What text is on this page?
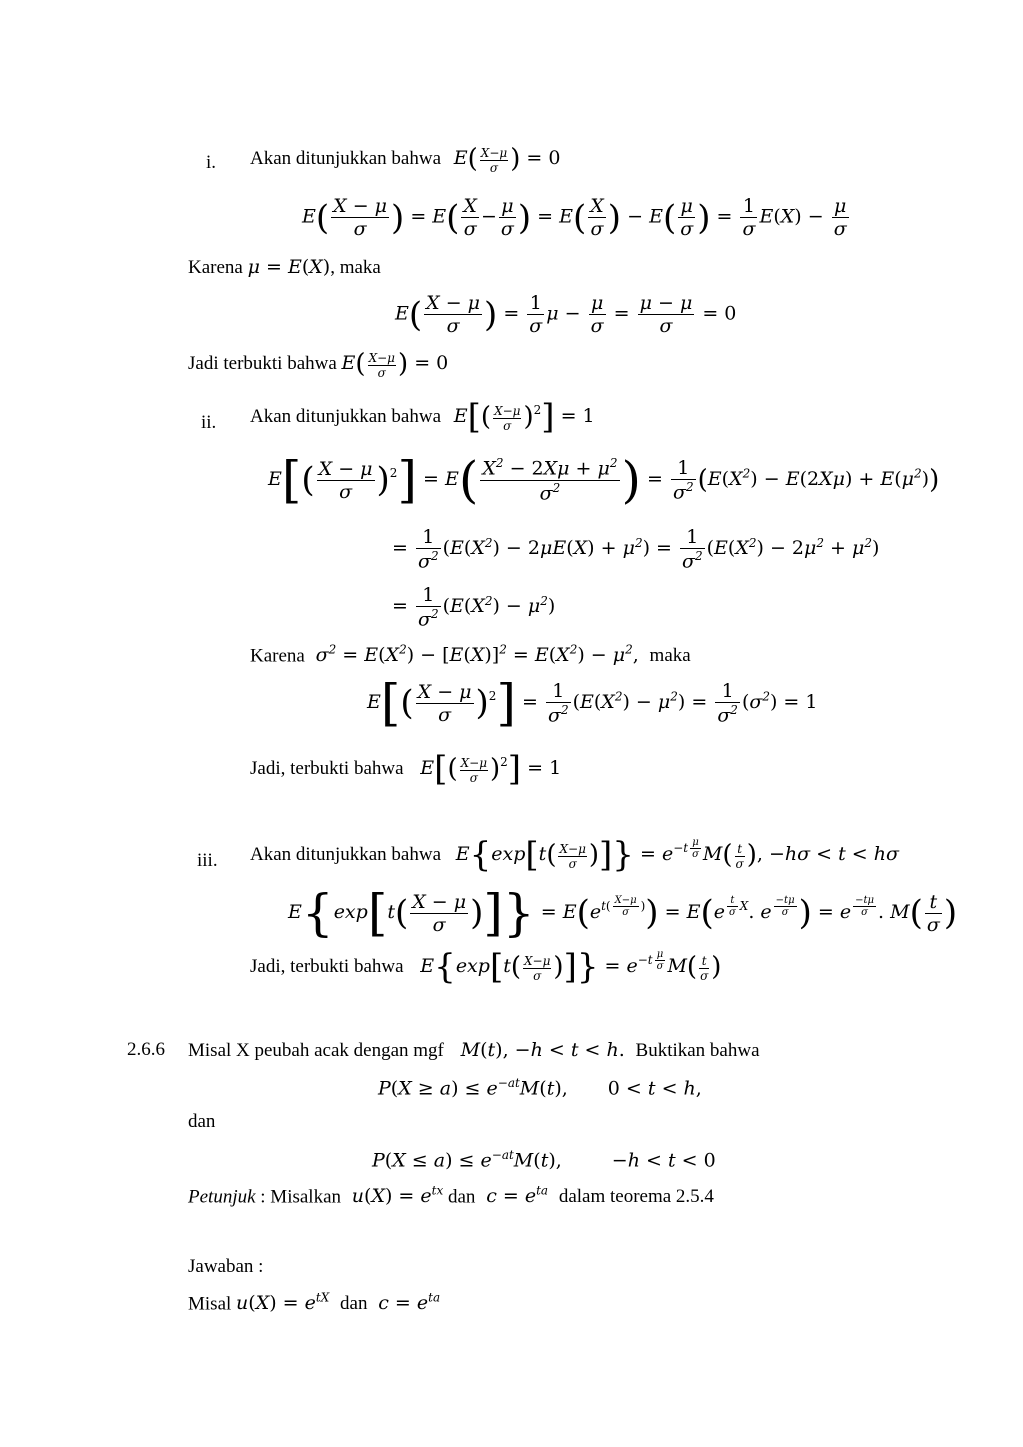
i. Akan ditunjukkan bahwa $E( \frac{X-\mu}{\sigma}$ ) = 0
$E( \frac{X - \mu}{\sigma}$ ) = $E( \frac{X}{\sigma} - \frac{\mu}{\sigma}$ ) = $E( \frac{X}{\sigma}$ ) − $E( \frac{\mu}{\sigma}$ ) = $\frac{1}{\sigma} E(X) - \frac{\mu}{\sigma}$
Karena μ = E(X), maka
$E( \frac{X - \mu}{\sigma}$ ) = $\frac{1}{\sigma}$ $\mu - \frac{\mu}{\sigma} = \frac{\mu - \mu}{\sigma} = 0$
Jadi terbukti bahwa $E( \frac{X-\mu}{\sigma}$ ) = 0
ii. Akan ditunjukkan bahwa $E[( \frac{X-\mu}{\sigma} )^2] = 1$
$E[( \frac{X - \mu}{\sigma} )^2] = E( \frac{X^2 - 2X\mu + \mu^2}{\sigma^2}$ ) = $\frac{1}{\sigma^2} (E(X^2) - E(2X\mu) + E(\mu^2))$
= $\frac{1}{\sigma^2} (E(X^2) - 2\mu E(X) + \mu^2) = \frac{1}{\sigma^2} (E(X^2) - 2\mu^2 + \mu^2)$
= $\frac{1}{\sigma^2} (E(X^2) - \mu^2)$
Karena $\sigma^2 = E(X^2) - [E(X)]^2 = E(X^2) - \mu^2$, maka
$E[( \frac{X - \mu}{\sigma} )^2] = \frac{1}{\sigma^2} (E(X^2) - \mu^2) = \frac{1}{\sigma^2} (\sigma^2) = 1$
Jadi, terbukti bahwa $E[( \frac{X-\mu}{\sigma} )^2] = 1$
iii. Akan ditunjukkan bahwa $E\{\exp[t( \frac{X-\mu}{\sigma}$ )]} = $e^{-t \frac{\mu}{\sigma}}$ $M( \frac{t}{\sigma}$ ), −hσ < t < hσ
$E\{\exp[t( \frac{X - \mu}{\sigma}$ )]} = $E(e^{t( \frac{X-\mu}{\sigma} )}) = E(e$ $^{\frac{t}{\sigma} X}$. e $^{\frac{-t\mu}{\sigma}}$ ) = e $^{\frac{-t\mu}{\sigma}}$ . $M( \frac{t}{\sigma}$ )
Jadi, terbukti bahwa $E\{\exp[t( \frac{X-\mu}{\sigma}$ )]} = $e^{-t \frac{\mu}{\sigma}}$ $M( \frac{t}{\sigma}$ )
2.6.6 Misal X peubah acak dengan mgf M(t), −h < t < h. Buktikan bahwa
$P(X \ge a) \le e^{-at}M(t)$, 0 < t < h,
dan
$P(X \le a) \le e^{-at}M(t)$,	−h < t < 0
Petunjuk : Misalkan $u(X) = e^{tx}$ dan $c = e^{ta}$ dalam teorema 2.5.4
Jawaban :
Misal $u(X) = e^{tX}$ dan $c = e^{ta}$
